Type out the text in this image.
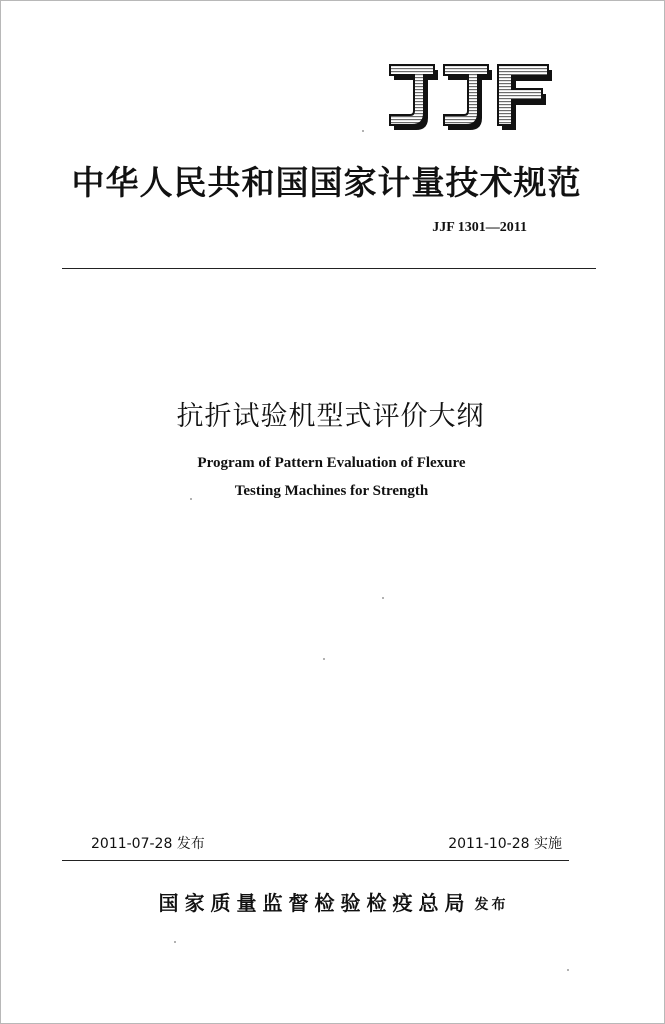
中华人民共和国国家计量技术规范
JJF 1301—2011
抗折试验机型式评价大纲
Program of Pattern Evaluation of Flexure
Testing Machines for Strength
2011-07-28 发布	2011-10-28 实施
国家质量监督检验检疫总局 发布
